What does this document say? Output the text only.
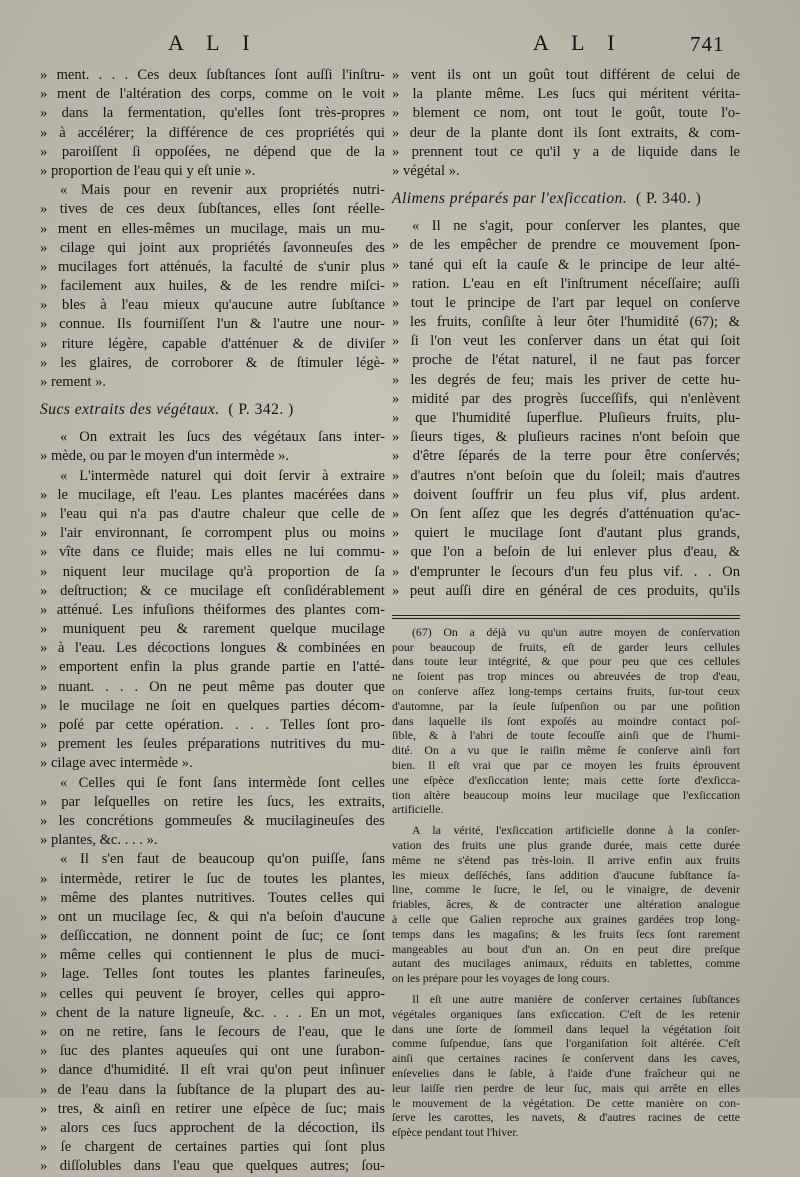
A L I	A L I	741
» ment. . . . Ces deux ſubſtances ſont auſſi l'inſtru-
» ment de l'altération des corps, comme on le voit
» dans la fermentation, qu'elles ſont très-propres
» à accélérer; la différence de ces propriétés qui
» paroiſſent ſi oppoſées, ne dépend que de la
» proportion de l'eau qui y eſt unie ».
« Mais pour en revenir aux propriétés nutri-
» tives de ces deux ſubſtances, elles ſont réelle-
» ment en elles-mêmes un mucilage, mais un mu-
» cilage qui joint aux propriétés ſavonneuſes des
» mucilages fort atténués, la faculté de s'unir plus
» facilement aux huiles, & de les rendre miſci-
» bles à l'eau mieux qu'aucune autre ſubſtance
» connue. Ils fourniſſent l'un & l'autre une nour-
» riture légère, capable d'atténuer & de diviſer
» les glaires, de corroborer & de ſtimuler légè-
» rement ».
Sucs extraits des végétaux. ( P. 342. )
« On extrait les ſucs des végétaux ſans inter-
» mède, ou par le moyen d'un intermède ».
« L'intermède naturel qui doit ſervir à extraire
» le mucilage, eſt l'eau. Les plantes macérées dans
» l'eau qui n'a pas d'autre chaleur que celle de
» l'air environnant, ſe corrompent plus ou moins
» vîte dans ce fluide; mais elles ne lui commu-
» niquent leur mucilage qu'à proportion de ſa
» deſtruction; & ce mucilage eſt conſidérablement
» atténué. Les infuſions théiformes des plantes com-
» muniquent peu & rarement quelque mucilage
» à l'eau. Les décoctions longues & combinées en
» emportent enfin la plus grande partie en l'atté-
» nuant. . . . On ne peut même pas douter que
» le mucilage ne ſoit en quelques parties décom-
» poſé par cette opération. . . . Telles ſont pro-
» prement les ſeules préparations nutritives du mu-
» cilage avec intermède ».
« Celles qui ſe font ſans intermède ſont celles
» par leſquelles on retire les ſucs, les extraits,
» les concrétions gommeuſes & mucilagineuſes des
» plantes, &c. . . . ».
« Il s'en faut de beaucoup qu'on puiſſe, ſans
» intermède, retirer le ſuc de toutes les plantes,
» même des plantes nutritives. Toutes celles qui
» ont un mucilage ſec, & qui n'a beſoin d'aucune
» deſſiccation, ne donnent point de ſuc; ce ſont
» même celles qui contiennent le plus de muci-
» lage. Telles ſont toutes les plantes farineuſes,
» celles qui peuvent ſe broyer, celles qui appro-
» chent de la nature ligneuſe, &c. . . . En un mot,
» on ne retire, ſans le ſecours de l'eau, que le
» ſuc des plantes aqueuſes qui ont une ſurabon-
» dance d'humidité. Il eſt vrai qu'on peut inſinuer
» de l'eau dans la ſubſtance de la plupart des au-
» tres, & ainſi en retirer une eſpèce de ſuc; mais
» alors ces ſucs approchent de la décoction, ils
» ſe chargent de certaines parties qui ſont plus
» diſſolubles dans l'eau que quelques autres; ſou-
» vent ils ont un goût tout différent de celui de
» la plante même. Les ſucs qui méritent vérita-
» blement ce nom, ont tout le goût, toute l'o-
» deur de la plante dont ils ſont extraits, & com-
» prennent tout ce qu'il y a de liquide dans le
» végétal ».
Alimens préparés par l'exſiccation. ( P. 340. )
« Il ne s'agit, pour conſerver les plantes, que
» de les empêcher de prendre ce mouvement ſpon-
» tané qui eſt la cauſe & le principe de leur alté-
» ration. L'eau en eſt l'inſtrument néceſſaire; auſſi
» tout le principe de l'art par lequel on conſerve
» les fruits, conſiſte à leur ôter l'humidité (67); &
» ſi l'on veut les conſerver dans un état qui ſoit
» proche de l'état naturel, il ne faut pas forcer
» les degrés de feu; mais les priver de cette hu-
» midité par des progrès ſucceſſifs, qui n'enlèvent
» que l'humidité ſuperflue. Pluſieurs fruits, plu-
» ſieurs tiges, & pluſieurs racines n'ont beſoin que
» d'être ſéparés de la terre pour être conſervés;
» d'autres n'ont beſoin que du ſoleil; mais d'autres
» doivent ſouffrir un feu plus vif, plus ardent.
» On ſent aſſez que les degrés d'atténuation qu'ac-
» quiert le mucilage ſont d'autant plus grands,
» que l'on a beſoin de lui enlever plus d'eau, &
» d'emprunter le ſecours d'un feu plus vif. . . On
» peut auſſi dire en général de ces produits, qu'ils
(67) On a déjà vu qu'un autre moyen de conſervation
pour beaucoup de fruits, eſt de garder leurs cellules
dans toute leur intégrité, & que pour peu que ces cellules
ne ſoient pas trop minces ou abreuvées de trop d'eau,
on conſerve aſſez long-temps certains fruits, ſur-tout ceux
d'automne, par la ſeule ſuſpenſion ou par une poſition
dans laquelle ils ſont expoſés au moindre contact poſ-
ſible, & à l'abri de toute ſecouſſe ainſi que de l'humi-
dité. On a vu que le raiſin même ſe conſerve ainſi fort
bien. Il eſt vrai que par ce moyen les fruits éprouvent
une eſpèce d'exſiccation lente; mais cette ſorte d'exſicca-
tion altère beaucoup moins leur mucilage que l'exſiccation
artificielle.
A la vérité, l'exſiccation artificielle donne à la conſer-
vation des fruits une plus grande durée, mais cette durée
même ne s'étend pas très-loin. Il arrive enfin aux fruits
les mieux deſſéchés, ſans addition d'aucune ſubſtance ſa-
line, comme le ſucre, le ſel, ou le vinaigre, de devenir
friables, âcres, & de contracter une altération analogue
à celle que Galien reproche aux graines gardées trop long-
temps dans les magaſins; & les fruits ſecs ſont rarement
mangeables au bout d'un an. On en peut dire preſque
autant des mucilages animaux, réduits en tablettes, comme
on les prépare pour les voyages de long cours.
Il eſt une autre manière de conſerver certaines ſubſtances
végétales organiques ſans exſiccation. C'eſt de les retenir
dans une ſorte de ſommeil dans lequel la végétation ſoit
comme ſuſpendue, ſans que l'organiſation ſoit altérée. C'eſt
ainſi que certaines racines ſe conſervent dans les caves,
enſevelies dans le ſable, à l'aide d'une fraîcheur qui ne
leur laiſſe rien perdre de leur ſuc, mais qui arrête en elles
le mouvement de la végétation. De cette manière on con-
ſerve les carottes, les navets, & d'autres racines de cette
eſpèce pendant tout l'hiver.
